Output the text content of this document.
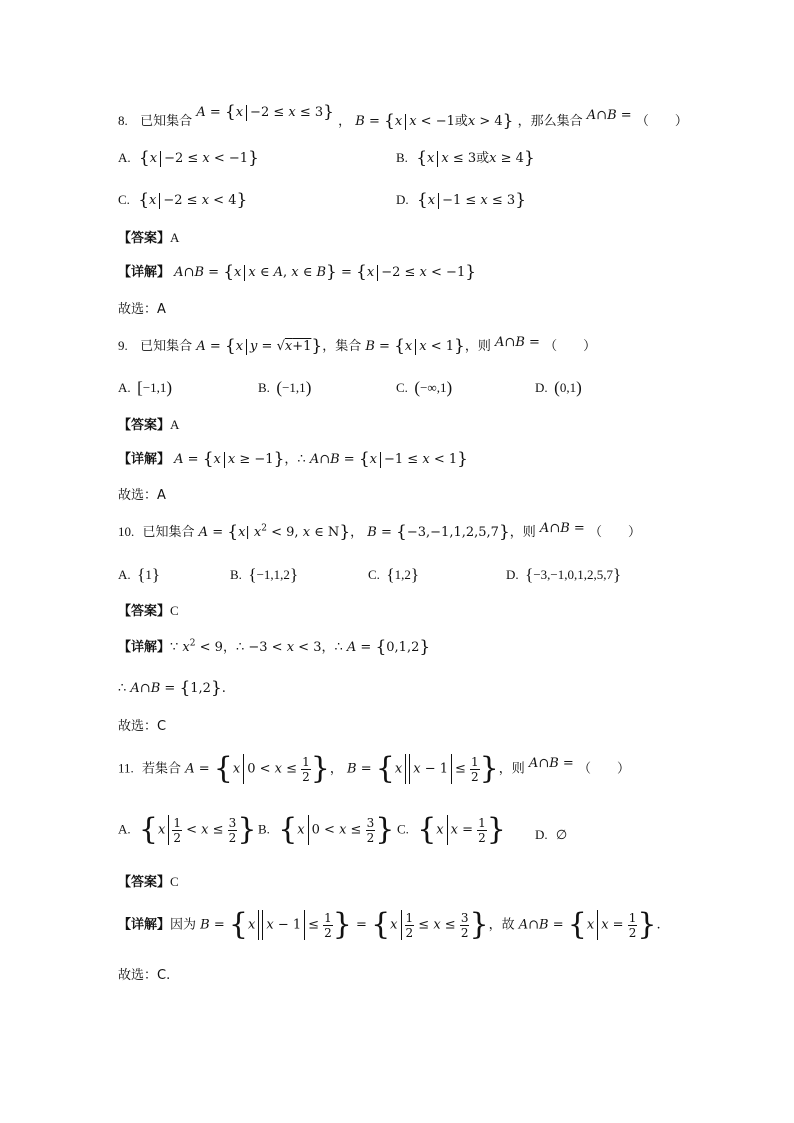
8. 已知集合 A = {x −2 ≤ x ≤ 3} ， B = {x x < −1或x > 4} ，那么集合 A∩B = （　　）
A. {x −2 ≤ x < −1}	B. {x x ≤ 3或x ≥ 4}
C. {x −2 ≤ x < 4}	D. {x −1 ≤ x ≤ 3}
【答案】A
【详解】 A∩B = {x x ∈ A, x ∈ B} = {x −2 ≤ x < −1}
故选：A
9. 已知集合 A = {x y = √x+1}，集合 B = {x x < 1}，则 A∩B = （　　）
A.  [−1,1)	B.  (−1,1)	C.  (−∞,1)	D.  (0,1)
【答案】A
【详解】 A = {x x ≥ −1}，∴ A∩B = {x −1 ≤ x < 1}
故选：A
10. 已知集合 A = {x| $x^2 < 9$, x ∈ N}， B = {−3,−1,1,2,5,7}，则 A∩B = （　　）
A.  {1}	B.  {−1,1,2}	C.  {1,2}	D.  {−3,−1,0,1,2,5,7}
【答案】C
【详解】∵ $x^2 < 9$，∴ −3 < x < 3，∴ A = {0,1,2}
∴ A∩B = {1,2}.
故选：C
11. 若集合 A = {x $0 < x \le \frac{1}{2}$ }， B = {x $x - 1 \le \frac{1}{2}$ }，则 A∩B = （　　）
A. {$x \frac{1}{2} < x \le \frac{3}{2}$ } B. {x $0 < x \le \frac{3}{2}$ } C. {x $x = \frac{1}{2}$ } D.  ∅
【答案】C
【详解】因为 B = {x $x - 1 \le \frac{1}{2}$ } = {$x \frac{1}{2} \le x \le \frac{3}{2}$ }，故 A∩B = {x $x = \frac{1}{2}$ }.
故选：C.
